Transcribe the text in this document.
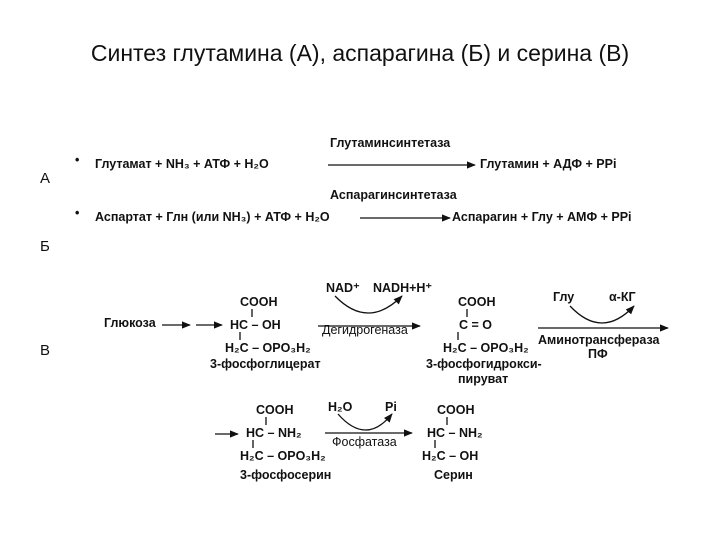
Синтез глутамина (А), аспарагина (Б) и серина (В)
А
Б
В
•
Глутаминсинтетаза
Глутамат + NH₃ + АТФ + H₂O	Глутамин + АДФ + PPi
•
Аспарагинсинтетаза
Аспартат + Глн (или NH₃) + АТФ + H₂O	Аспарагин + Глу + АМФ + PPi
Глюкоза
COOH
HC – OH
H₂C – OPO₃H₂
3-фосфоглицерат
NAD⁺ NADH+H⁺
Дегидрогеназа
COOH
C = O
H₂C – OPO₃H₂
3-фосфогидрокси-
пируват
Глу	α-КГ
Аминотрансфераза
ПФ
COOH
HC – NH₂
H₂C – OPO₃H₂
3-фосфосерин
H₂O	Pi
Фосфатаза
COOH
HC – NH₂
H₂C – OH
Серин
